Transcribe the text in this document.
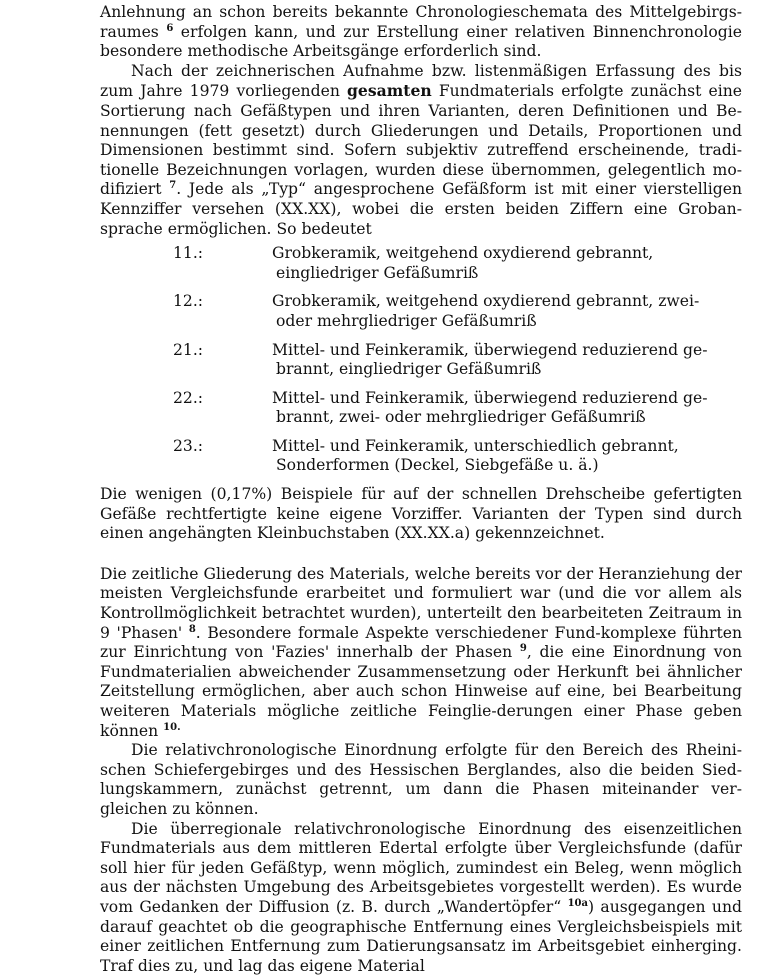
Anlehnung an schon bereits bekannte Chronologieschemata des Mittelgebirgs-raumes $^6$ erfolgen kann, und zur Erstellung einer relativen Binnenchronologie besondere methodische Arbeitsgänge erforderlich sind.

Nach der zeichnerischen Aufnahme bzw. listenmäßigen Erfassung des bis zum Jahre 1979 vorliegenden gesamten Fundmaterials erfolgte zunächst eine Sortierung nach Gefäßtypen und ihren Varianten, deren Definitionen und Be-nennungen (fett gesetzt) durch Gliederungen und Details, Proportionen und Dimensionen bestimmt sind. Sofern subjektiv zutreffend erscheinende, tradi-tionelle Bezeichnungen vorlagen, wurden diese übernommen, gelegentlich mo-difiziert $^7$. Jede als „Typ“ angesprochene Gefäßform ist mit einer vierstelligen Kennziffer versehen (XX.XX), wobei die ersten beiden Ziffern eine Groban-sprache ermöglichen. So bedeutet

11.:	Grobkeramik, weitgehend oxydierend gebrannt,
eingliedriger Gefäßumriß
12.:	Grobkeramik, weitgehend oxydierend gebrannt, zwei-
oder mehrgliedriger Gefäßumriß
21.:	Mittel- und Feinkeramik, überwiegend reduzierend ge-
brannt, eingliedriger Gefäßumriß
22.:	Mittel- und Feinkeramik, überwiegend reduzierend ge-
brannt, zwei- oder mehrgliedriger Gefäßumriß
23.:	Mittel- und Feinkeramik, unterschiedlich gebrannt,
Sonderformen (Deckel, Siebgefäße u. ä.)

Die wenigen (0,17%) Beispiele für auf der schnellen Drehscheibe gefertigten Gefäße rechtfertigte keine eigene Vorziffer. Varianten der Typen sind durch einen angehängten Kleinbuchstaben (XX.XX.a) gekennzeichnet.

Die zeitliche Gliederung des Materials, welche bereits vor der Heranziehung der meisten Vergleichsfunde erarbeitet und formuliert war (und die vor allem als Kontrollmöglichkeit betrachtet wurden), unterteilt den bearbeiteten Zeitraum in 9 'Phasen' $^8$. Besondere formale Aspekte verschiedener Fund-komplexe führten zur Einrichtung von 'Fazies' innerhalb der Phasen $^9$, die eine Einordnung von Fundmaterialien abweichender Zusammensetzung oder Herkunft bei ähnlicher Zeitstellung ermöglichen, aber auch schon Hinweise auf eine, bei Bearbeitung weiteren Materials mögliche zeitliche Feinglie-derungen einer Phase geben können $^{10.}$

Die relativchronologische Einordnung erfolgte für den Bereich des Rheini-schen Schiefergebirges und des Hessischen Berglandes, also die beiden Sied-lungskammern, zunächst getrennt, um dann die Phasen miteinander ver-gleichen zu können.

Die überregionale relativchronologische Einordnung des eisenzeitlichen Fundmaterials aus dem mittleren Edertal erfolgte über Vergleichsfunde (dafür soll hier für jeden Gefäßtyp, wenn möglich, zumindest ein Beleg, wenn möglich aus der nächsten Umgebung des Arbeitsgebietes vorgestellt werden). Es wurde vom Gedanken der Diffusion (z. B. durch „Wandertöpfer“ $^{10a}$) ausgegangen und darauf geachtet ob die geographische Entfernung eines Vergleichsbeispiels mit einer zeitlichen Entfernung zum Datierungsansatz im Arbeitsgebiet einherging. Traf dies zu, und lag das eigene Material
